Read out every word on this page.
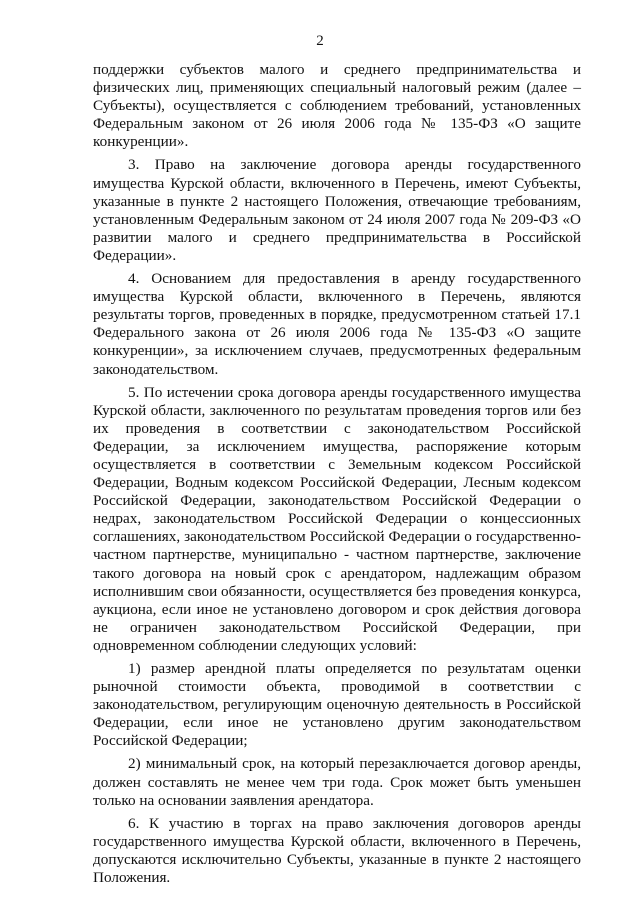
2

поддержки субъектов малого и среднего предпринимательства и физических лиц, применяющих специальный налоговый режим (далее – Субъекты), осуществляется с соблюдением требований, установленных Федеральным законом от 26 июля 2006 года № 135-ФЗ «О защите конкуренции».

3. Право на заключение договора аренды государственного имущества Курской области, включенного в Перечень, имеют Субъекты, указанные в пункте 2 настоящего Положения, отвечающие требованиям, установленным Федеральным законом от 24 июля 2007 года № 209-ФЗ «О развитии малого и среднего предпринимательства в Российской Федерации».

4. Основанием для предоставления в аренду государственного имущества Курской области, включенного в Перечень, являются результаты торгов, проведенных в порядке, предусмотренном статьей 17.1 Федерального закона от 26 июля 2006 года № 135-ФЗ «О защите конкуренции», за исключением случаев, предусмотренных федеральным законодательством.

5. По истечении срока договора аренды государственного имущества Курской области, заключенного по результатам проведения торгов или без их проведения в соответствии с законодательством Российской Федерации, за исключением имущества, распоряжение которым осуществляется в соответствии с Земельным кодексом Российской Федерации, Водным кодексом Российской Федерации, Лесным кодексом Российской Федерации, законодательством Российской Федерации о недрах, законодательством Российской Федерации о концессионных соглашениях, законодательством Российской Федерации о государственно-частном партнерстве, муниципально - частном партнерстве, заключение такого договора на новый срок с арендатором, надлежащим образом исполнившим свои обязанности, осуществляется без проведения конкурса, аукциона, если иное не установлено договором и срок действия договора не ограничен законодательством Российской Федерации, при одновременном соблюдении следующих условий:

1) размер арендной платы определяется по результатам оценки рыночной стоимости объекта, проводимой в соответствии с законодательством, регулирующим оценочную деятельность в Российской Федерации, если иное не установлено другим законодательством Российской Федерации;

2) минимальный срок, на который перезаключается договор аренды, должен составлять не менее чем три года. Срок может быть уменьшен только на основании заявления арендатора.

6. К участию в торгах на право заключения договоров аренды государственного имущества Курской области, включенного в Перечень, допускаются исключительно Субъекты, указанные в пункте 2 настоящего Положения.
